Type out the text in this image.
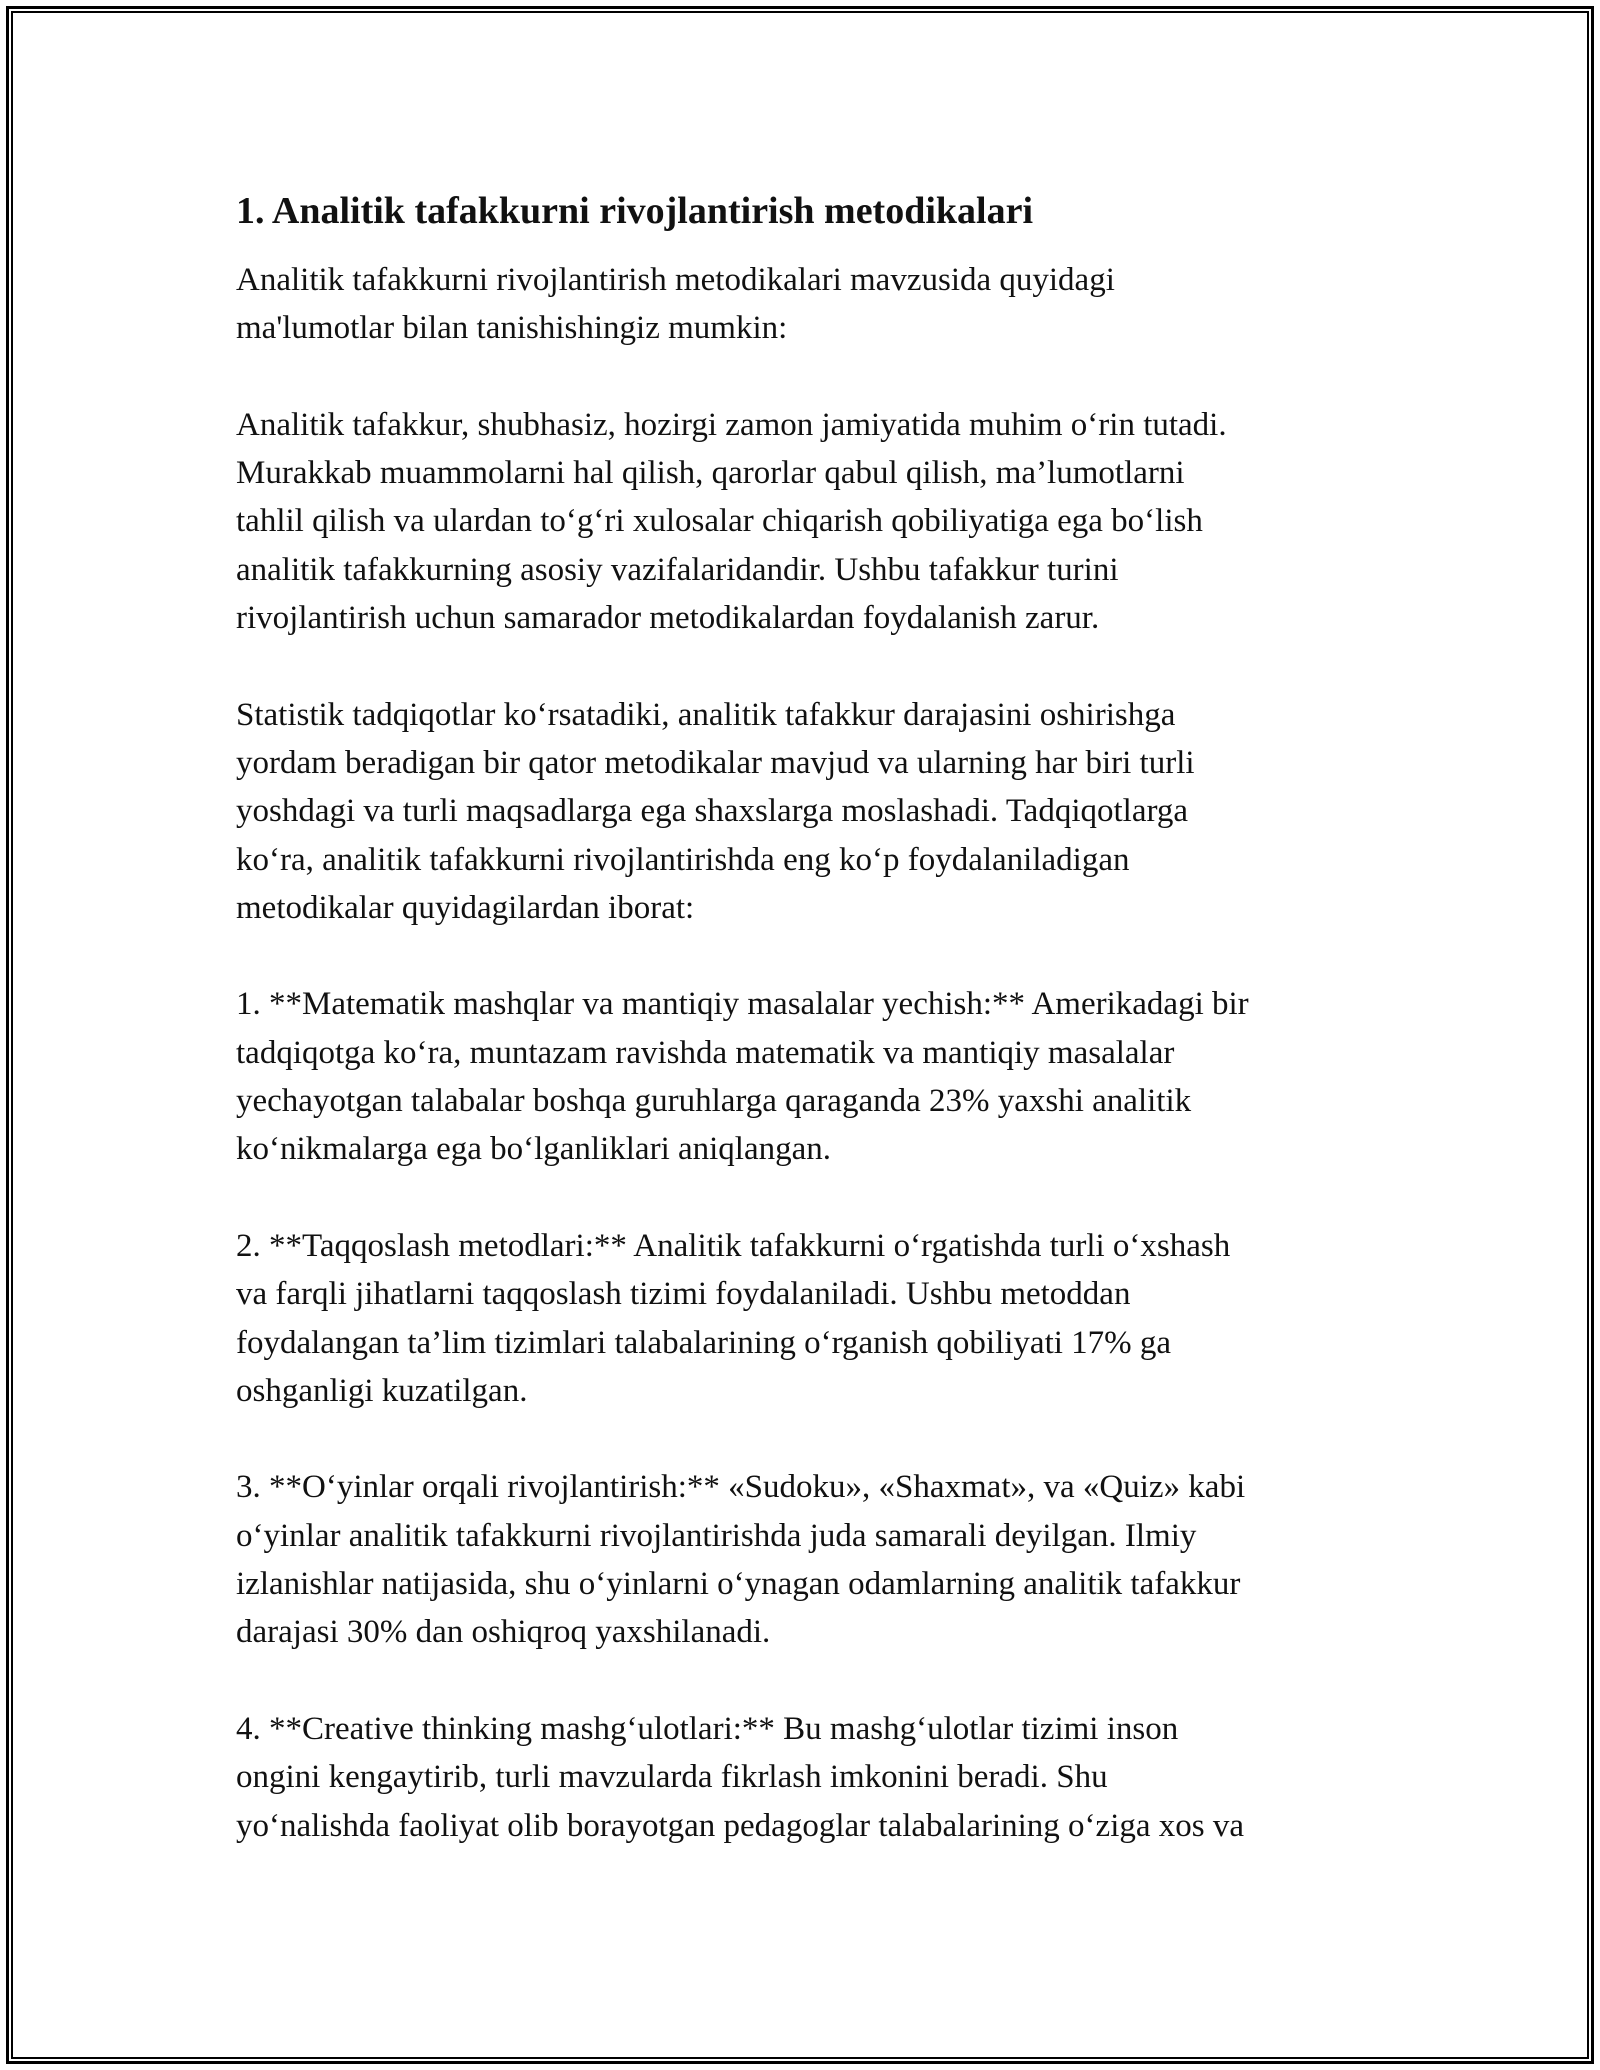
1. Analitik tafakkurni rivojlantirish metodikalari

Analitik tafakkurni rivojlantirish metodikalari mavzusida quyidagi
ma'lumotlar bilan tanishishingiz mumkin:

Analitik tafakkur, shubhasiz, hozirgi zamon jamiyatida muhim o‘rin tutadi.
Murakkab muammolarni hal qilish, qarorlar qabul qilish, ma’lumotlarni
tahlil qilish va ulardan to‘g‘ri xulosalar chiqarish qobiliyatiga ega bo‘lish
analitik tafakkurning asosiy vazifalaridandir. Ushbu tafakkur turini
rivojlantirish uchun samarador metodikalardan foydalanish zarur.

Statistik tadqiqotlar ko‘rsatadiki, analitik tafakkur darajasini oshirishga
yordam beradigan bir qator metodikalar mavjud va ularning har biri turli
yoshdagi va turli maqsadlarga ega shaxslarga moslashadi. Tadqiqotlarga
ko‘ra, analitik tafakkurni rivojlantirishda eng ko‘p foydalaniladigan
metodikalar quyidagilardan iborat:

1. **Matematik mashqlar va mantiqiy masalalar yechish:** Amerikadagi bir
tadqiqotga ko‘ra, muntazam ravishda matematik va mantiqiy masalalar
yechayotgan talabalar boshqa guruhlarga qaraganda 23% yaxshi analitik
ko‘nikmalarga ega bo‘lganliklari aniqlangan.

2. **Taqqoslash metodlari:** Analitik tafakkurni o‘rgatishda turli o‘xshash
va farqli jihatlarni taqqoslash tizimi foydalaniladi. Ushbu metoddan
foydalangan ta’lim tizimlari talabalarining o‘rganish qobiliyati 17% ga
oshganligi kuzatilgan.

3. **O‘yinlar orqali rivojlantirish:** «Sudoku», «Shaxmat», va «Quiz» kabi
o‘yinlar analitik tafakkurni rivojlantirishda juda samarali deyilgan. Ilmiy
izlanishlar natijasida, shu o‘yinlarni o‘ynagan odamlarning analitik tafakkur
darajasi 30% dan oshiqroq yaxshilanadi.

4. **Creative thinking mashg‘ulotlari:** Bu mashg‘ulotlar tizimi inson
ongini kengaytirib, turli mavzularda fikrlash imkonini beradi. Shu
yo‘nalishda faoliyat olib borayotgan pedagoglar talabalarining o‘ziga xos va
